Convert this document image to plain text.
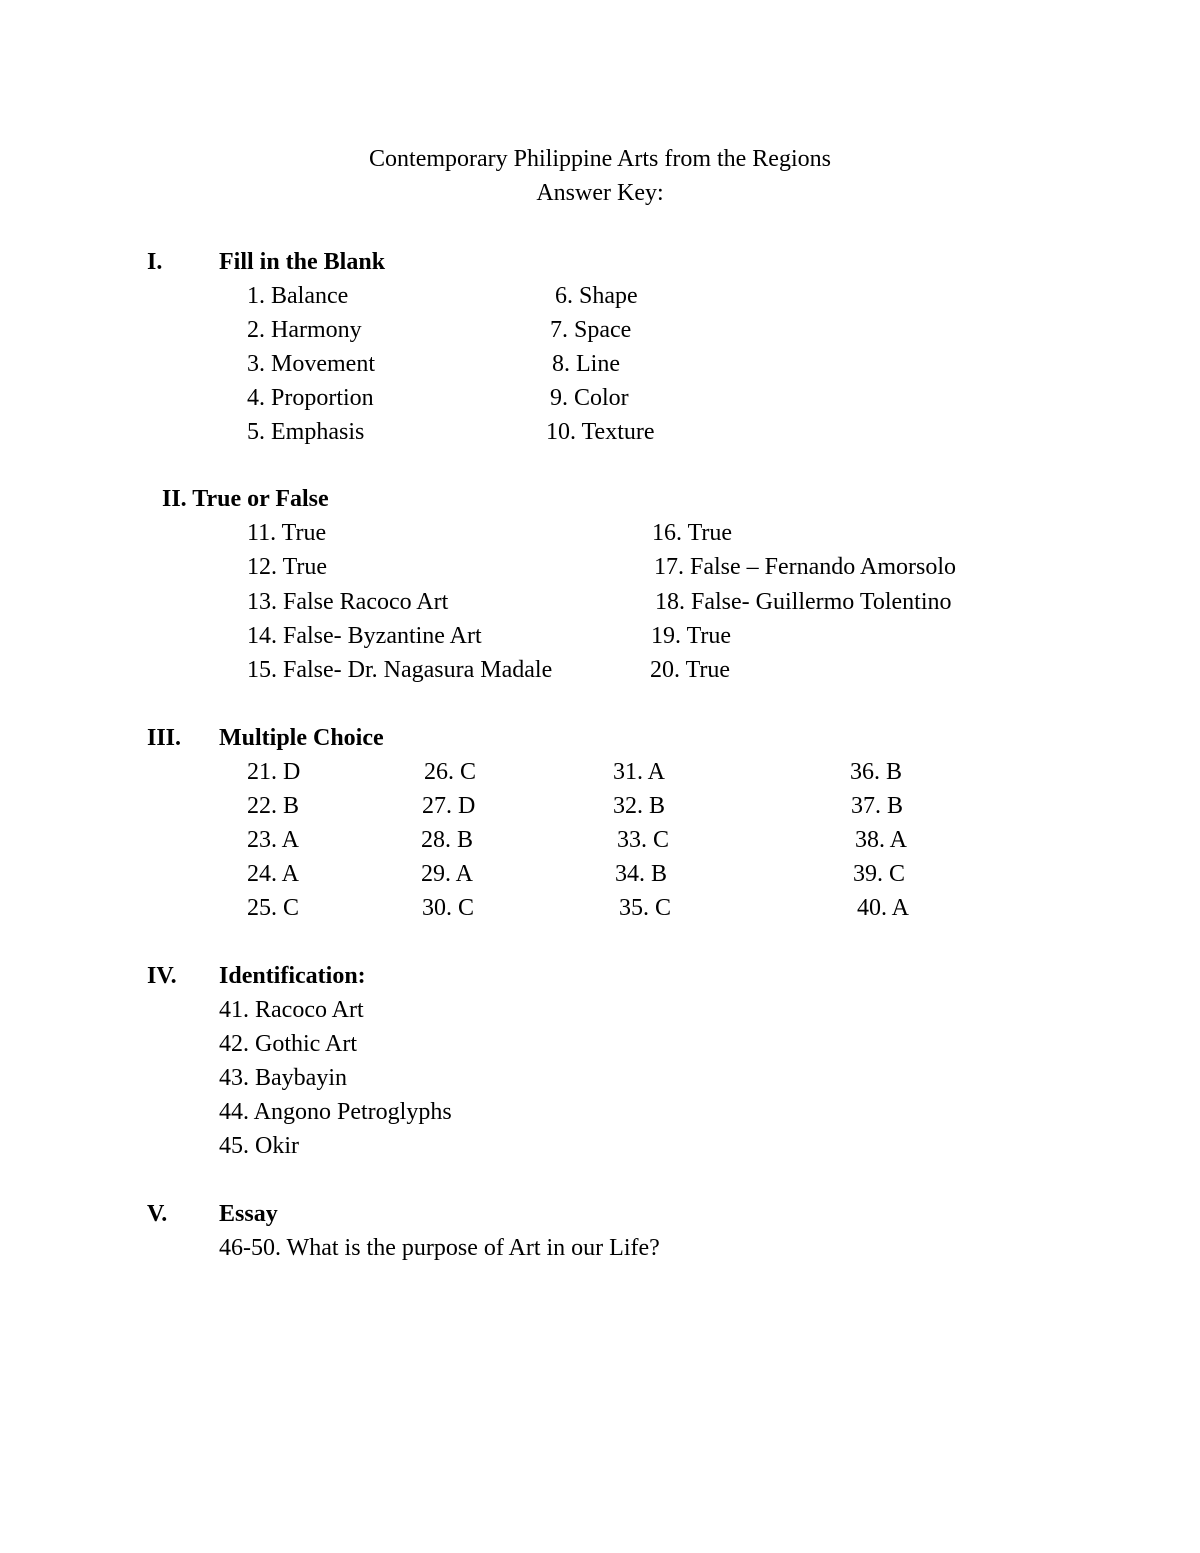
Contemporary Philippine Arts from the Regions
Answer Key:
I. Fill in the Blank
1. Balance
2. Harmony
3. Movement
4. Proportion
5. Emphasis
6. Shape
7. Space
8. Line
9. Color
10. Texture
II. True or False
11. True
12. True
13. False Racoco Art
14. False- Byzantine Art
15. False- Dr. Nagasura Madale
16. True
17. False – Fernando Amorsolo
18. False- Guillermo Tolentino
19. True
20. True
III. Multiple Choice
21. D
22. B
23. A
24. A
25. C
26. C
27. D
28. B
29. A
30. C
31. A
32. B
33. C
34. B
35. C
36. B
37. B
38. A
39. C
40. A
IV. Identification:
41. Racoco Art
42. Gothic Art
43. Baybayin
44. Angono Petroglyphs
45. Okir
V. Essay
46-50. What is the purpose of Art in our Life?
